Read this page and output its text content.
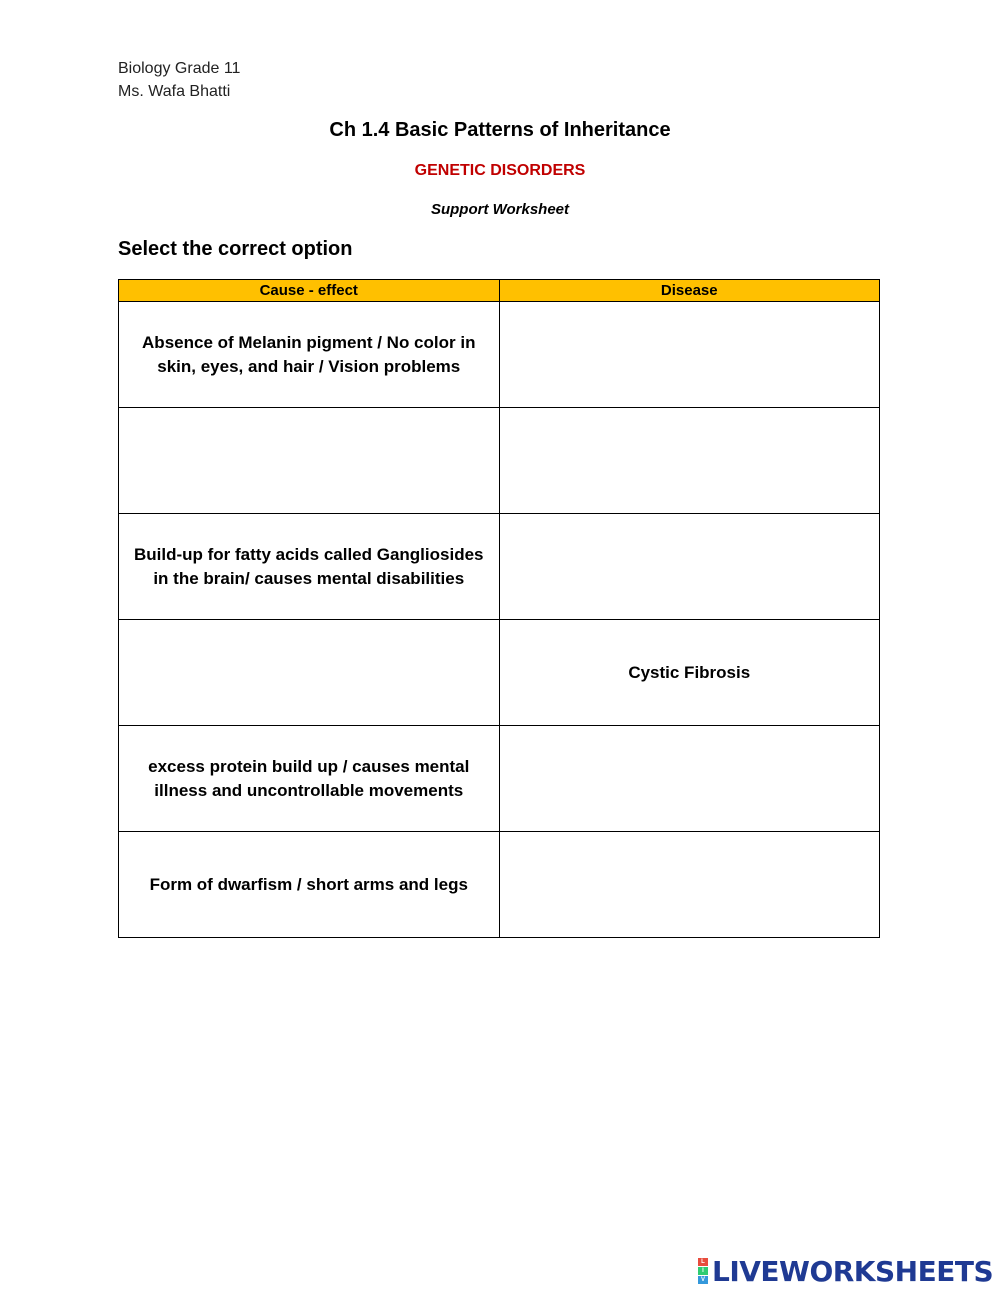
Biology Grade 11
Ms. Wafa Bhatti
Ch 1.4 Basic Patterns of Inheritance
GENETIC DISORDERS
Support Worksheet
Select the correct option
Cause - effect	Disease
Absence of Melanin pigment / No color in skin, eyes, and hair / Vision problems	

Build-up for fatty acids called Gangliosides in the brain/ causes mental disabilities	
	Cystic Fibrosis
excess protein build up / causes mental illness and uncontrollable movements	
Form of dwarfism / short arms and legs	
L
I
V LIVEWORKSHEETS
